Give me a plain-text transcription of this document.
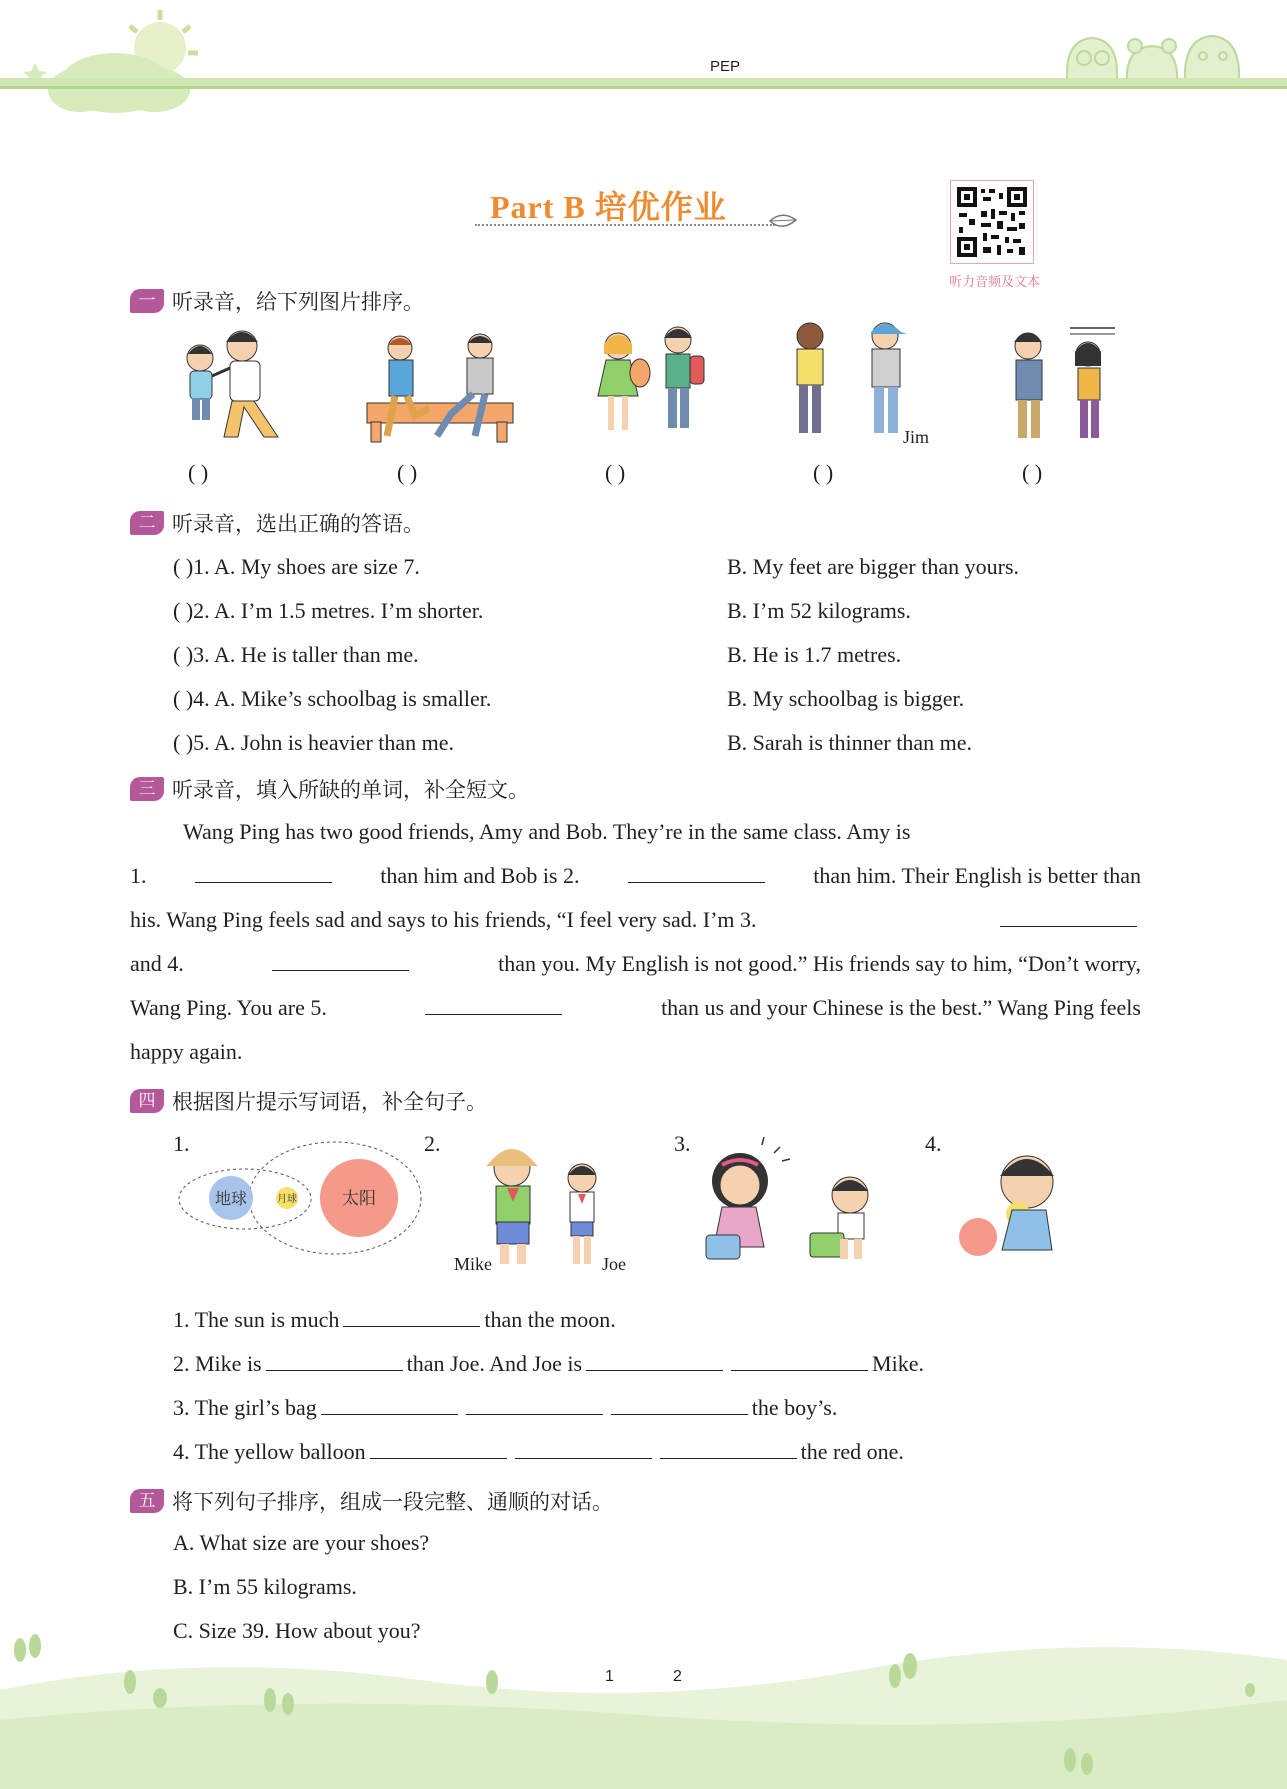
PEP
Part B 培优作业
听力音频及文本
一 听录音，给下列图片排序。
Jim
( )	( )	( )	( )	( )
二 听录音，选出正确的答语。
( )1. A. My shoes are size 7.	B. My feet are bigger than yours.
( )2. A. I’m 1.5 metres. I’m shorter.	B. I’m 52 kilograms.
( )3. A. He is taller than me.	B. He is 1.7 metres.
( )4. A. Mike’s schoolbag is smaller.	B. My schoolbag is bigger.
( )5. A. John is heavier than me.	B. Sarah is thinner than me.
三 听录音，填入所缺的单词，补全短文。
Wang Ping has two good friends, Amy and Bob. They’re in the same class. Amy is
1.	than him and Bob is 2.	than him. Their English is better than
his. Wang Ping feels sad and says to his friends, “I feel very sad. I’m 3.
and 4.	than you. My English is not good.” His friends say to him, “Don’t worry,
Wang Ping. You are 5.	than us and your Chinese is the best.” Wang Ping feels
happy again.
四 根据图片提示写词语，补全句子。
1.	2.	3.	4.
地球	月球	太阳
Mike	Joe
1. The sun is much	than the moon.
2. Mike is	than Joe. And Joe is	Mike.
3. The girl’s bag	the boy’s.
4. The yellow balloon	the red one.
五 将下列句子排序，组成一段完整、通顺的对话。
A. What size are your shoes?
B. I’m 55 kilograms.
C. Size 39. How about you?
1	2
